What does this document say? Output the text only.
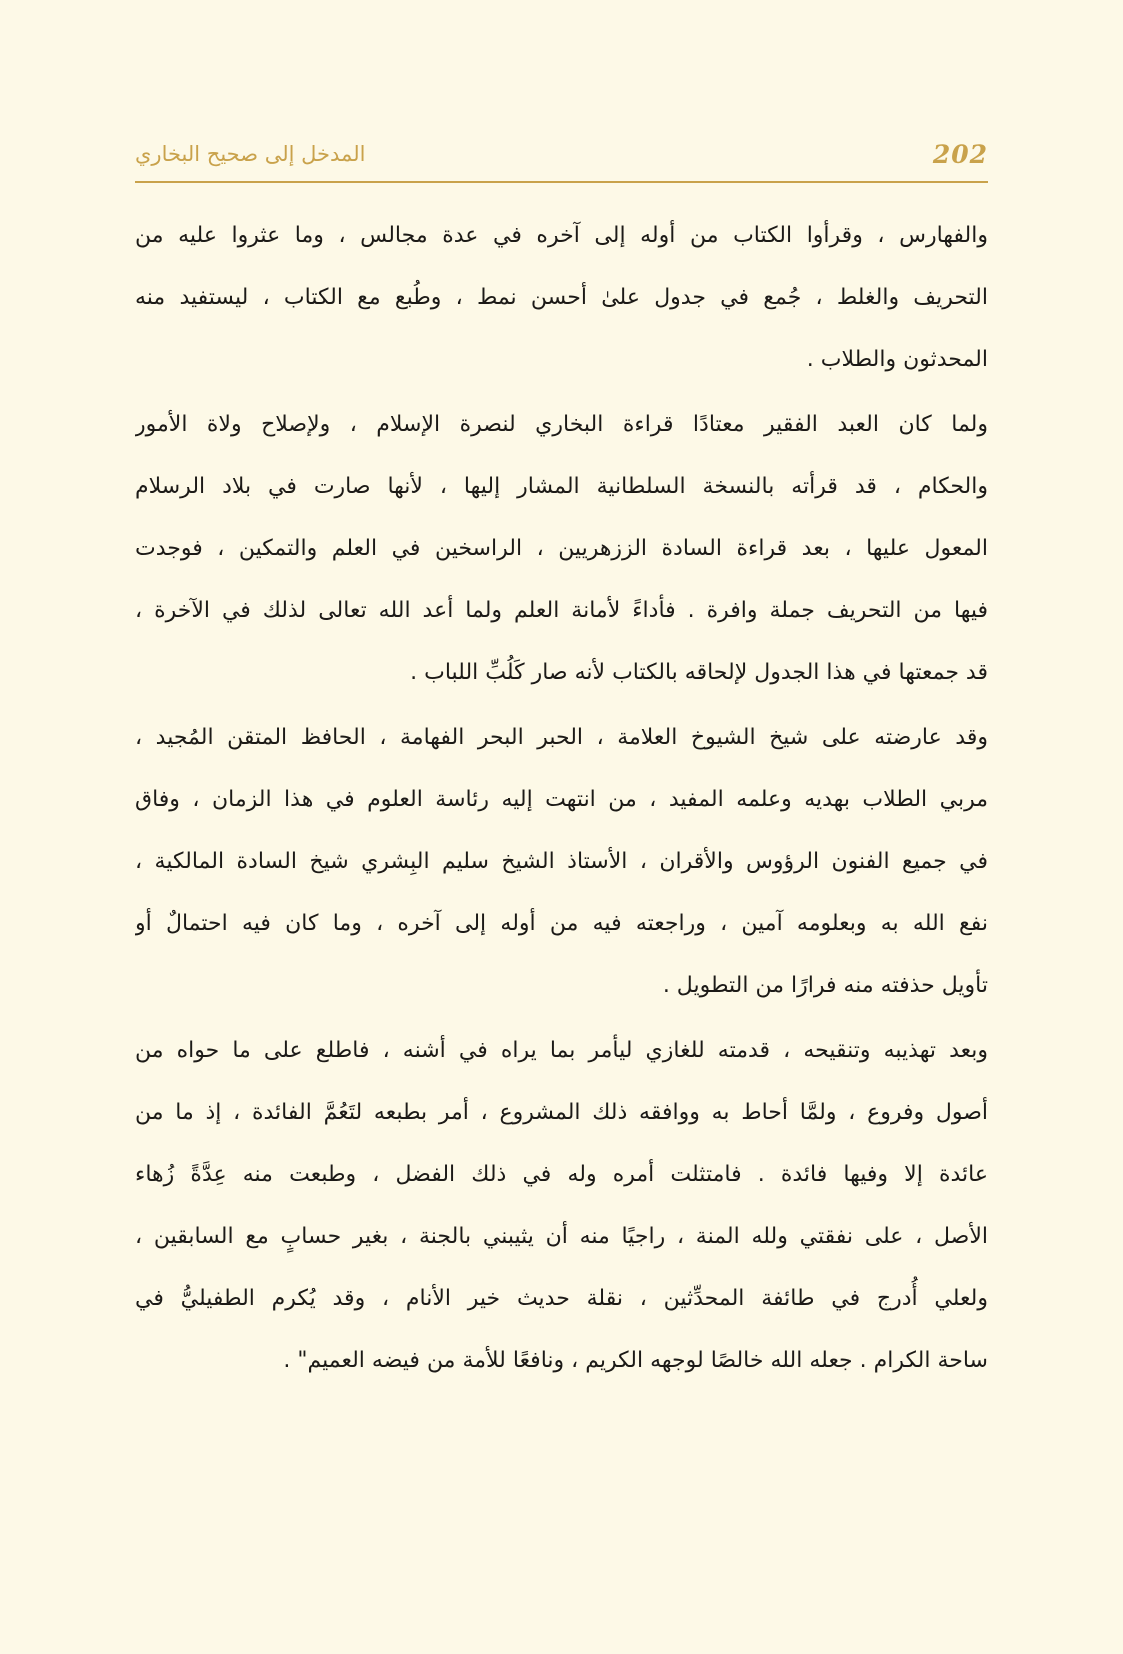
المدخل إلى صحيح البخاري	202
والفهارس ، وقرأوا الكتاب من أوله إلى آخره في عدة مجالس ، وما عثروا عليه من
التحريف والغلط ، جُمع في جدول علىٰ أحسن نمط ، وطُبع مع الكتاب ، ليستفيد منه
المحدثون والطلاب .
ولما كان العبد الفقير معتادًا قراءة البخاري لنصرة الإسلام ، ولإصلاح ولاة الأمور
والحكام ، قد قرأته بالنسخة السلطانية المشار إليها ، لأنها صارت في بلاد الرسلام
المعول عليها ، بعد قراءة السادة الززهريين ، الراسخين في العلم والتمكين ، فوجدت
فيها من التحريف جملة وافرة . فأداءً لأمانة العلم ولما أعد الله تعالى لذلك في الآخرة ،
قد جمعتها في هذا الجدول لإلحاقه بالكتاب لأنه صار كَلُبِّ اللباب .
وقد عارضته على شيخ الشيوخ العلامة ، الحبر البحر الفهامة ، الحافظ المتقن المُجيد ،
مربي الطلاب بهديه وعلمه المفيد ، من انتهت إليه رئاسة العلوم في هذا الزمان ، وفاق
في جميع الفنون الرؤوس والأقران ، الأستاذ الشيخ سليم البِشري شيخ السادة المالكية ،
نفع الله به وبعلومه آمين ، وراجعته فيه من أوله إلى آخره ، وما كان فيه احتمالٌ أو
تأويل حذفته منه فرارًا من التطويل .
وبعد تهذيبه وتنقيحه ، قدمته للغازي ليأمر بما يراه في أشنه ، فاطلع على ما حواه من
أصول وفروع ، ولمَّا أحاط به ووافقه ذلك المشروع ، أمر بطبعه لتَعُمَّ الفائدة ، إذ ما من
عائدة إلا وفيها فائدة . فامتثلت أمره وله في ذلك الفضل ، وطبعت منه عِدَّةً زُهاء
الأصل ، على نفقتي ولله المنة ، راجيًا منه أن يثيبني بالجنة ، بغير حسابٍ مع السابقين ،
ولعلي أُدرج في طائفة المحدِّثين ، نقلة حديث خير الأنام ، وقد يُكرم الطفيليُّ في
ساحة الكرام . جعله الله خالصًا لوجهه الكريم ، ونافعًا للأمة من فيضه العميم" .
